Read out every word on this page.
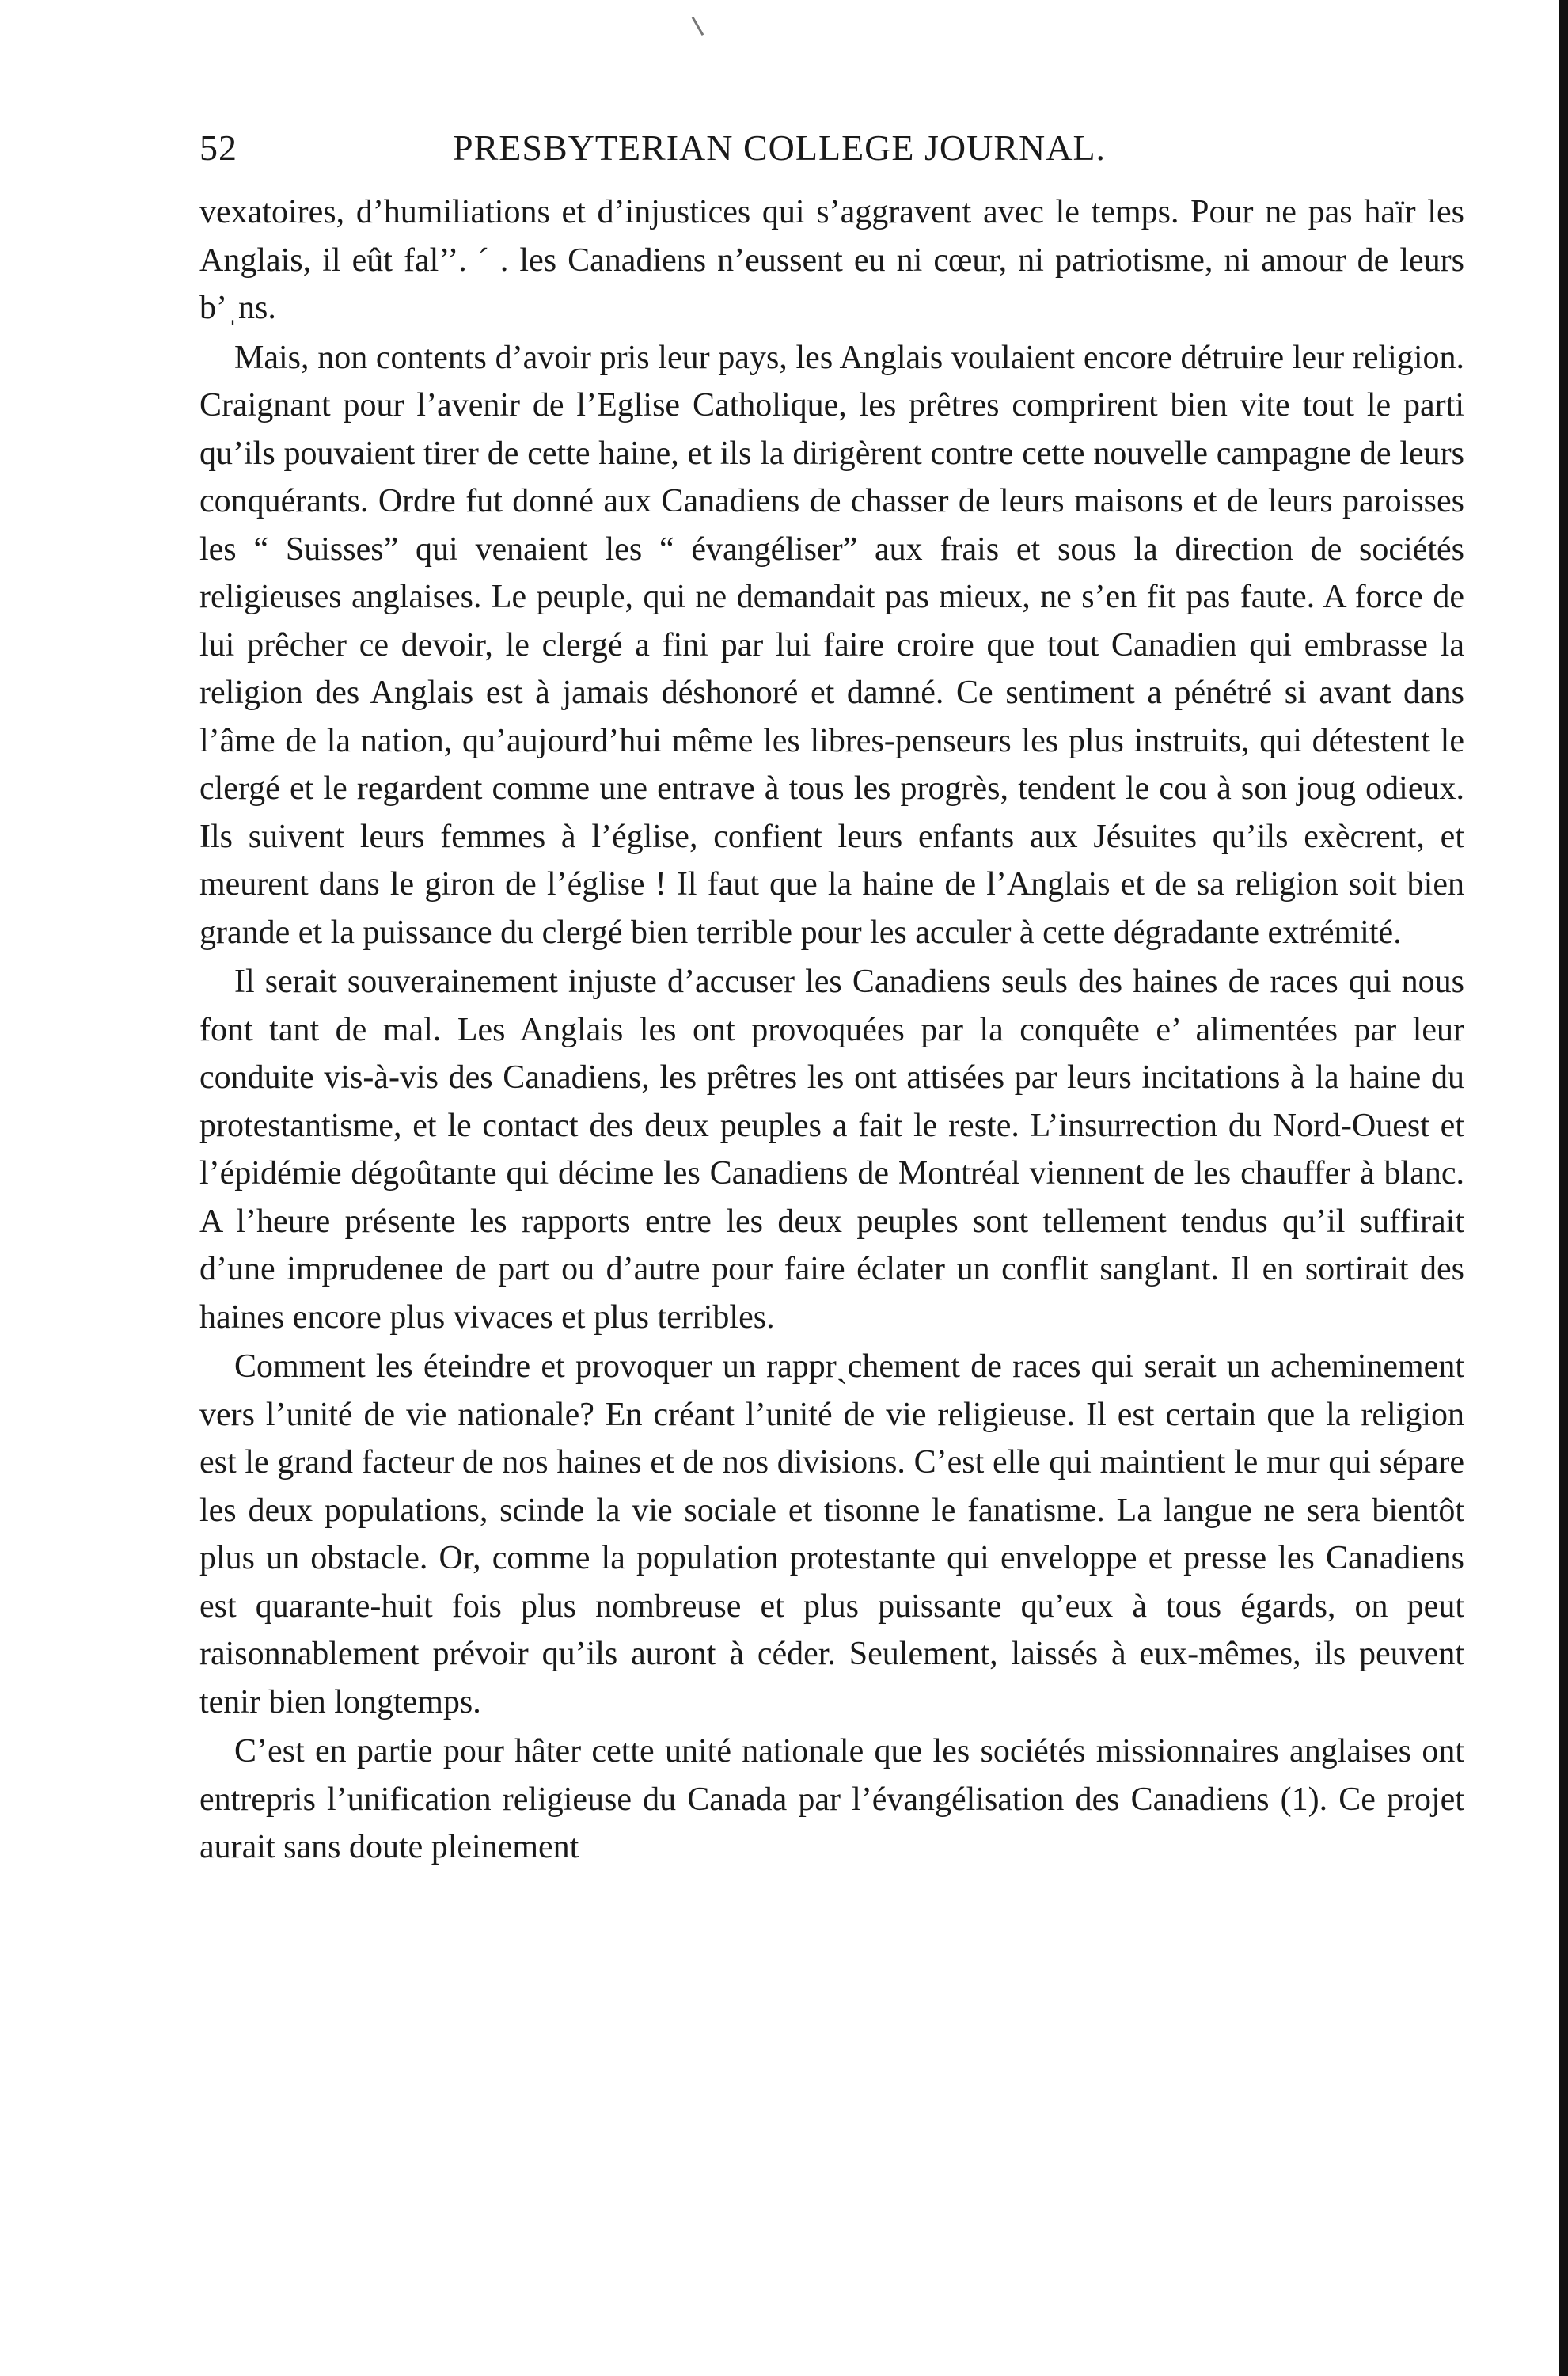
52	PRESBYTERIAN COLLEGE JOURNAL.

vexatoires, d’humiliations et d’injustices qui s’aggravent avec le temps. Pour ne pas haïr les Anglais, il eût fal’’. ´ . les Canadiens n’eussent eu ni cœur, ni patriotisme, ni amour de leurs b’ˌns.

Mais, non contents d’avoir pris leur pays, les Anglais voulaient encore détruire leur religion. Craignant pour l’avenir de l’Eglise Catholique, les prêtres comprirent bien vite tout le parti qu’ils pouvaient tirer de cette haine, et ils la dirigèrent contre cette nouvelle campagne de leurs conquérants. Ordre fut donné aux Canadiens de chasser de leurs maisons et de leurs paroisses les “ Suisses” qui venaient les “ évangéliser” aux frais et sous la direction de sociétés religieuses anglaises. Le peuple, qui ne demandait pas mieux, ne s’en fit pas faute. A force de lui prêcher ce devoir, le clergé a fini par lui faire croire que tout Canadien qui embrasse la religion des Anglais est à jamais déshonoré et damné. Ce sentiment a pénétré si avant dans l’âme de la nation, qu’aujourd’hui même les libres-penseurs les plus instruits, qui détestent le clergé et le regardent comme une entrave à tous les progrès, tendent le cou à son joug odieux. Ils suivent leurs femmes à l’église, confient leurs enfants aux Jésuites qu’ils exècrent, et meurent dans le giron de l’église ! Il faut que la haine de l’Anglais et de sa religion soit bien grande et la puissance du clergé bien terrible pour les acculer à cette dégradante extrémité.

Il serait souverainement injuste d’accuser les Canadiens seuls des haines de races qui nous font tant de mal. Les Anglais les ont provoquées par la conquête e’ alimentées par leur conduite vis-à-vis des Canadiens, les prêtres les ont attisées par leurs incitations à la haine du protestantisme, et le contact des deux peuples a fait le reste. L’insurrection du Nord-Ouest et l’épidémie dégoûtante qui décime les Canadiens de Montréal viennent de les chauffer à blanc. A l’heure présente les rapports entre les deux peuples sont tellement tendus qu’il suffirait d’une imprudenee de part ou d’autre pour faire éclater un conflit sanglant. Il en sortirait des haines encore plus vivaces et plus terribles.

Comment les éteindre et provoquer un rapprˏchement de races qui serait un acheminement vers l’unité de vie nationale? En créant l’unité de vie religieuse. Il est certain que la religion est le grand facteur de nos haines et de nos divisions. C’est elle qui maintient le mur qui sépare les deux populations, scinde la vie sociale et tisonne le fanatisme. La langue ne sera bientôt plus un obstacle. Or, comme la population protestante qui enveloppe et presse les Canadiens est quarante-huit fois plus nombreuse et plus puissante qu’eux à tous égards, on peut raisonnablement prévoir qu’ils auront à céder. Seulement, laissés à eux-mêmes, ils peuvent tenir bien longtemps.

C’est en partie pour hâter cette unité nationale que les sociétés missionnaires anglaises ont entrepris l’unification religieuse du Canada par l’évangélisation des Canadiens (1). Ce projet aurait sans doute pleinement
